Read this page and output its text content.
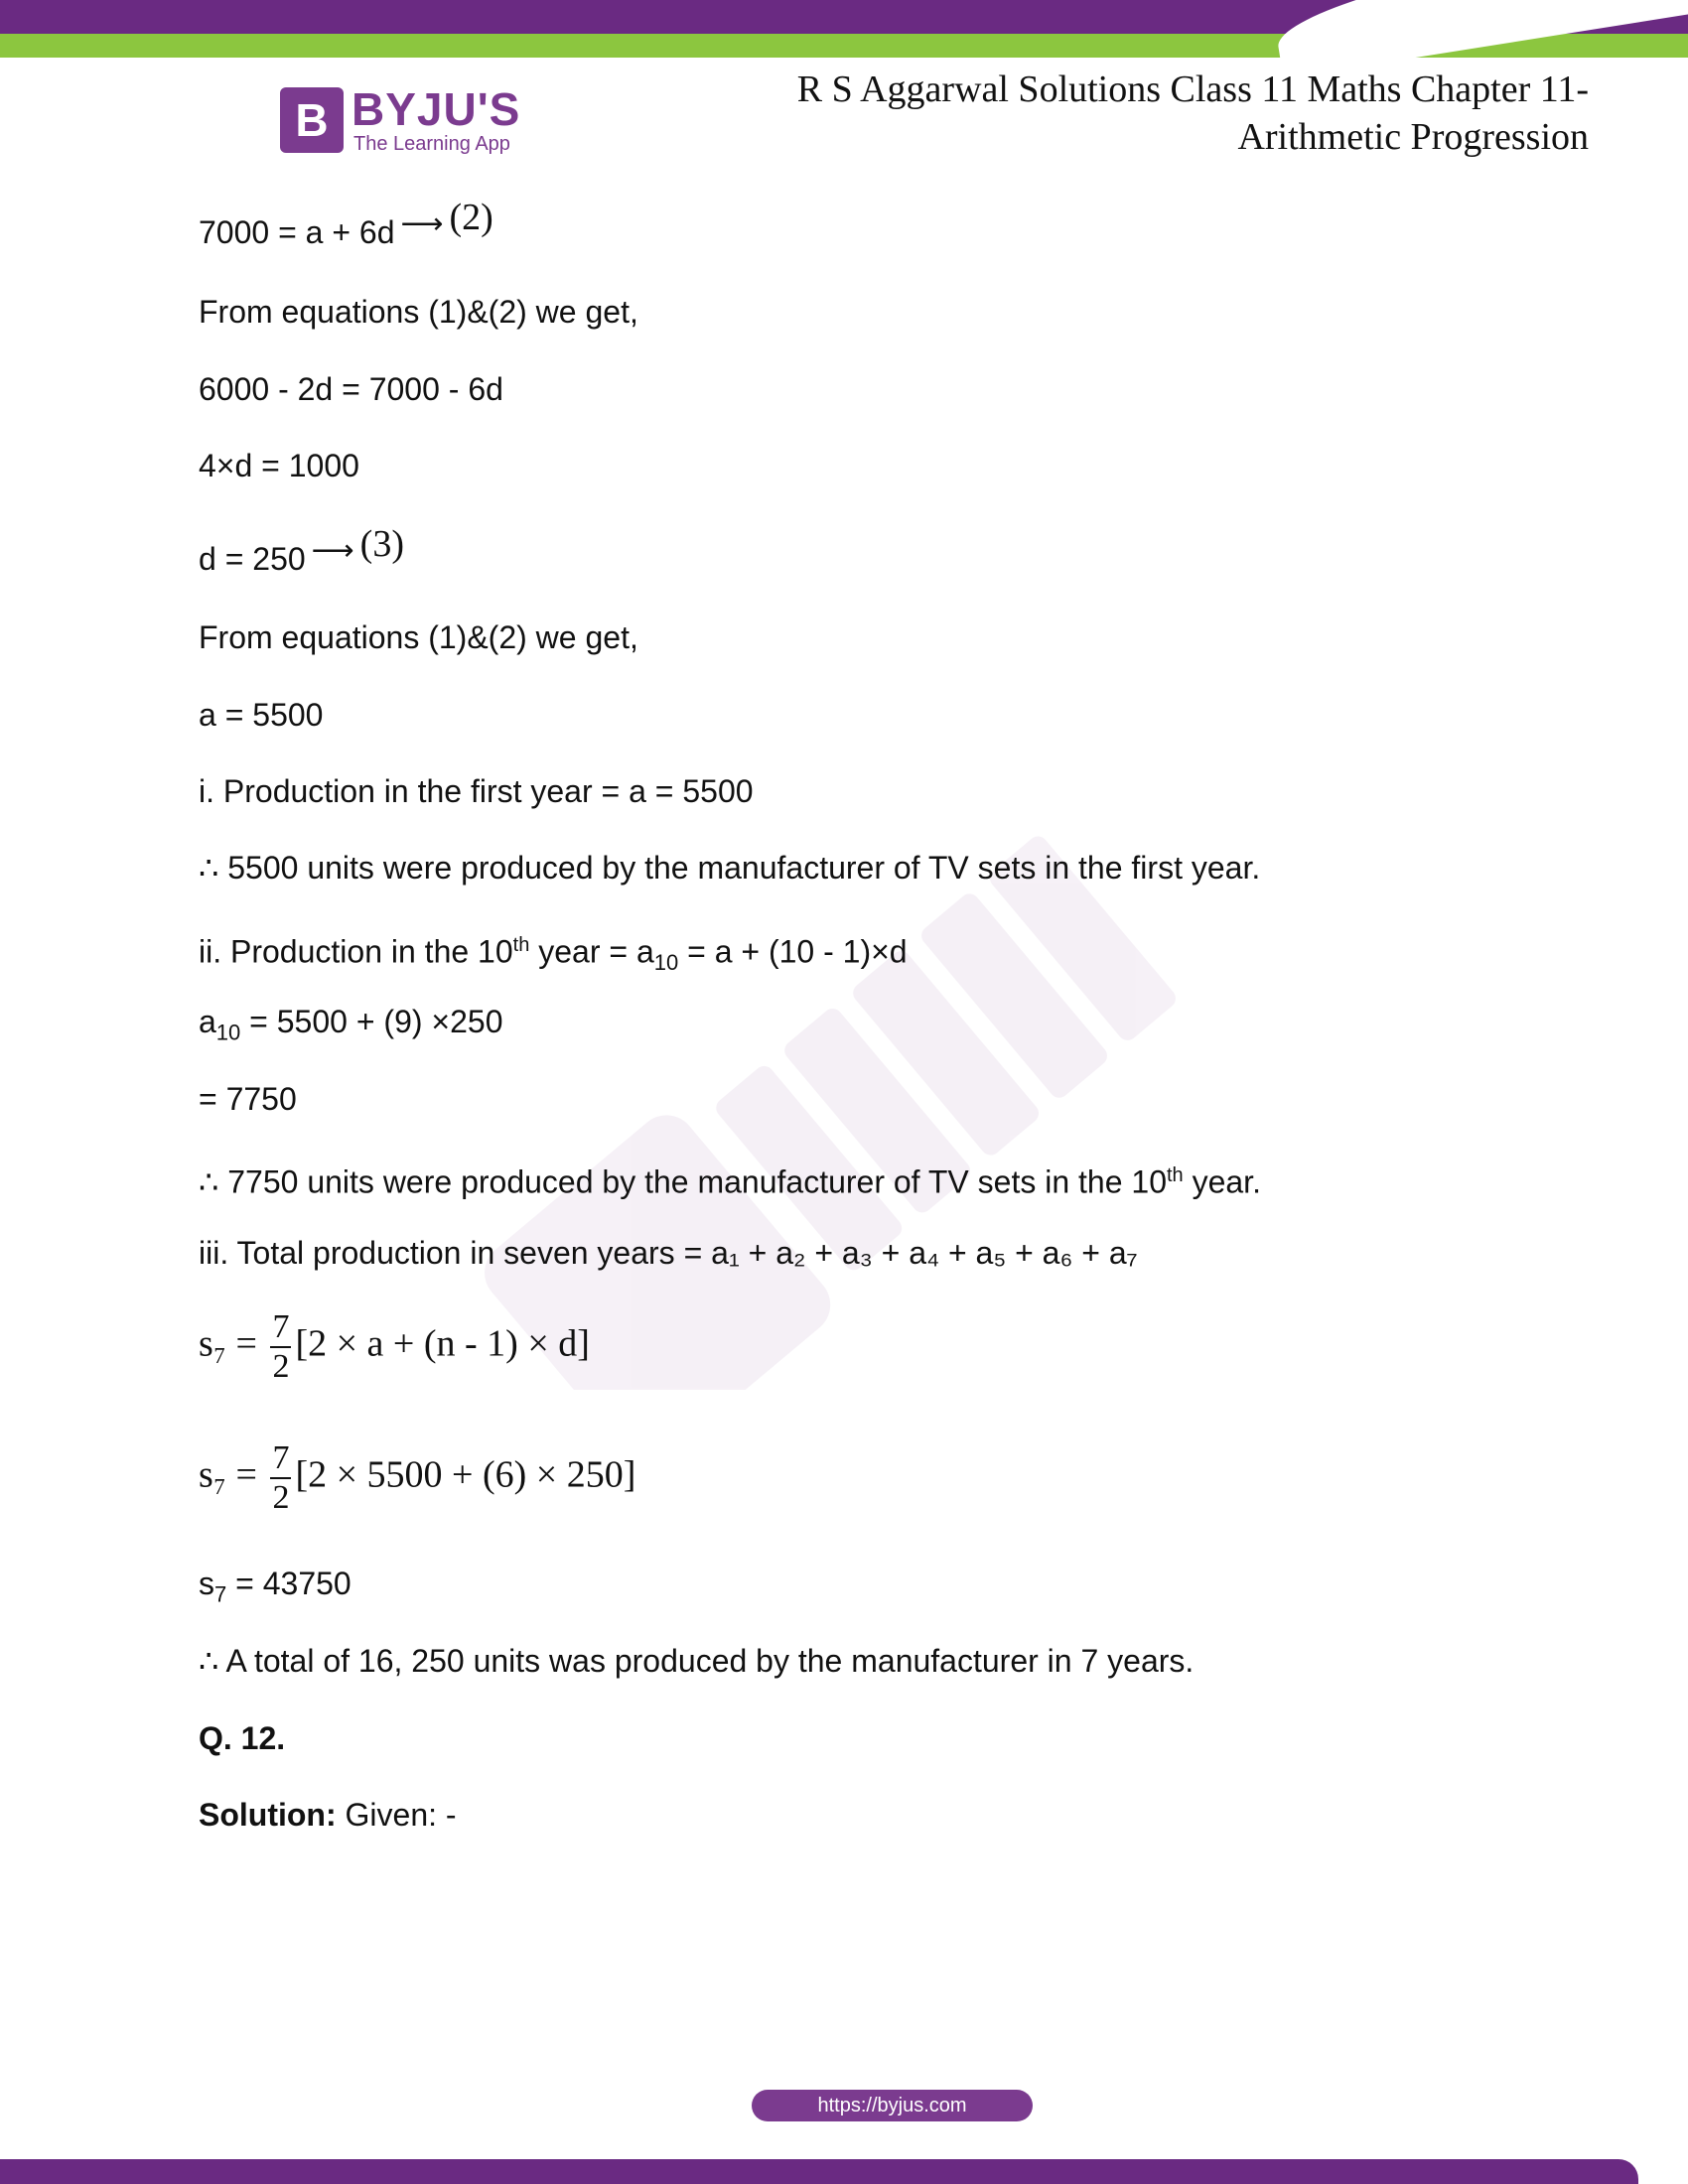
B BYJU'S
The Learning App
R S Aggarwal Solutions Class 11 Maths Chapter 11-
Arithmetic Progression
7000 = a + 6d ⟶ (2)
From equations (1)&(2) we get,
6000 - 2d = 7000 - 6d
4×d = 1000
d = 250 ⟶ (3)
From equations (1)&(2) we get,
a = 5500
i. Production in the first year = a = 5500
∴ 5500 units were produced by the manufacturer of TV sets in the first year.
ii. Production in the 10th year = $a_{10} = a + (10 - 1)\times d$
$a_{10} = 5500 + (9) \times 250$
= 7750
∴ 7750 units were produced by the manufacturer of TV sets in the 10th year.
iii. Total production in seven years = a₁ + a₂ + a₃ + a₄ + a₅ + a₆ + a₇
$s_7 = \frac{7}{2} [2 \times a + (n - 1) \times d]$
$s_7 = \frac{7}{2} [2 \times 5500 + (6) \times 250]$
$s_7 = 43750$
∴ A total of 16, 250 units was produced by the manufacturer in 7 years.
Q. 12.
Solution: Given: -
https://byjus.com
